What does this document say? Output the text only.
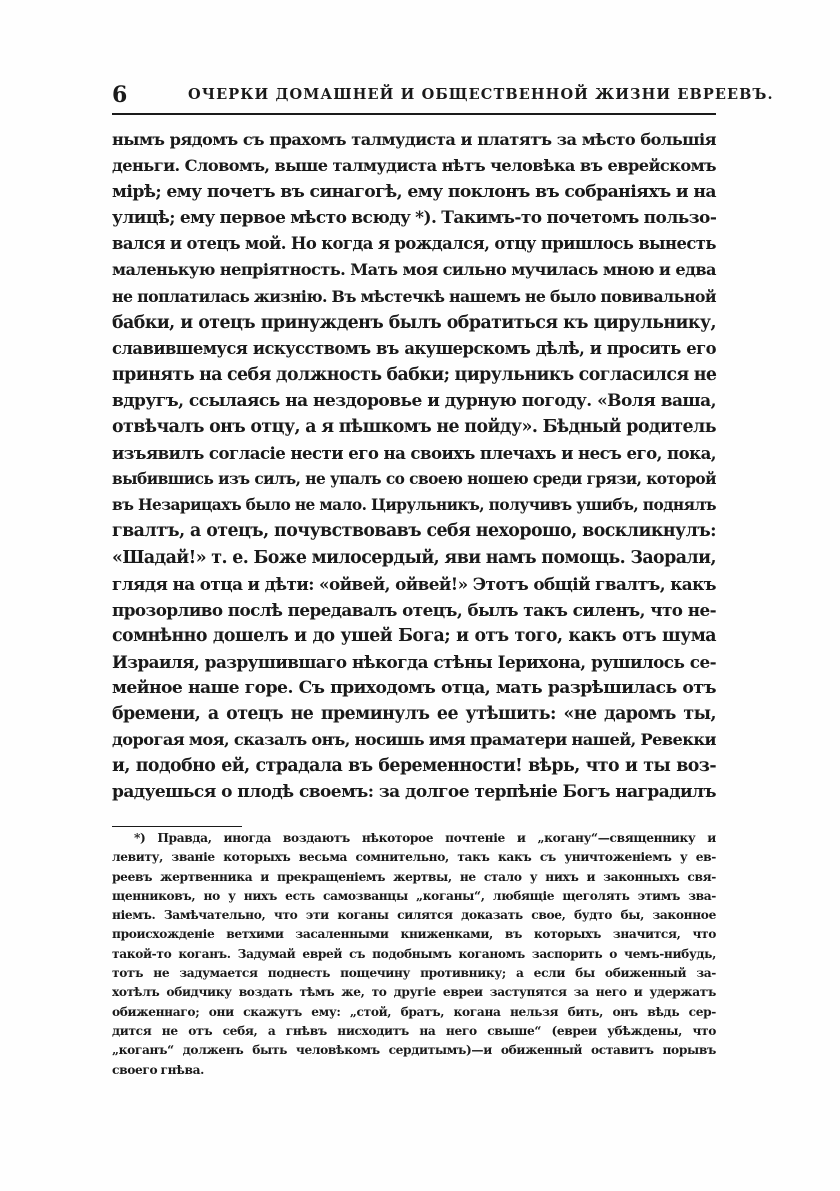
6	ОЧЕРКИ ДОМАШНЕЙ И ОБЩЕСТВЕННОЙ ЖИЗНИ ЕВРЕЕВЪ.
нымъ рядомъ съ прахомъ талмудиста и платятъ за мѣсто большія
деньги. Словомъ, выше талмудиста нѣтъ человѣка въ еврейскомъ
мірѣ; ему почетъ въ синагогѣ, ему поклонъ въ собраніяхъ и на
улицѣ; ему первое мѣсто всюду *). Такимъ-то почетомъ пользо-
вался и отецъ мой. Но когда я рождался, отцу пришлось вынесть
маленькую непріятность. Мать моя сильно мучилась мною и едва
не поплатилась жизнію. Въ мѣстечкѣ нашемъ не было повивальной
бабки, и отецъ принужденъ былъ обратиться къ цирульнику,
славившемуся искусствомъ въ акушерскомъ дѣлѣ, и просить его
принять на себя должность бабки; цирульникъ согласился не
вдругъ, ссылаясь на нездоровье и дурную погоду. «Воля ваша,
отвѣчалъ онъ отцу, а я пѣшкомъ не пойду». Бѣдный родитель
изъявилъ согласіе нести его на своихъ плечахъ и несъ его, пока,
выбившись изъ силъ, не упалъ со своею ношею среди грязи, которой
въ Незарицахъ было не мало. Цирульникъ, получивъ ушибъ, поднялъ
гвалтъ, а отецъ, почувствовавъ себя нехорошо, воскликнулъ:
«Шадай!» т. е. Боже милосердый, яви намъ помощь. Заорали,
глядя на отца и дѣти: «ойвей, ойвей!» Этотъ общій гвалтъ, какъ
прозорливо послѣ передавалъ отецъ, былъ такъ силенъ, что не-
сомнѣнно дошелъ и до ушей Бога; и отъ того, какъ отъ шума
Израиля, разрушившаго нѣкогда стѣны Іерихона, рушилось се-
мейное наше горе. Съ приходомъ отца, мать разрѣшилась отъ
бремени, а отецъ не преминулъ ее утѣшить: «не даромъ ты,
дорогая моя, сказалъ онъ, носишь имя праматери нашей, Ревекки
и, подобно ей, страдала въ беременности! вѣрь, что и ты воз-
радуешься о плодѣ своемъ: за долгое терпѣніе Богъ наградилъ
*) Правда, иногда воздаютъ нѣкоторое почтеніе и „когану“—священнику и
левиту, званіе которыхъ весьма сомнительно, такъ какъ съ уничтоженіемъ у ев-
реевъ жертвенника и прекращеніемъ жертвы, не стало у нихъ и законныхъ свя-
щенниковъ, но у нихъ есть самозванцы „коганы“, любящіе щеголять этимъ зва-
ніемъ. Замѣчательно, что эти коганы силятся доказать свое, будто бы, законное
происхожденіе ветхими засаленными книженками, въ которыхъ значится, что
такой-то коганъ. Задумай еврей съ подобнымъ коганомъ заспорить о чемъ-нибудь,
тотъ не задумается поднесть пощечину противнику; а если бы обиженный за-
хотѣлъ обидчику воздать тѣмъ же, то другіе евреи заступятся за него и удержатъ
обиженнаго; они скажутъ ему: „стой, братъ, когана нельзя бить, онъ вѣдь сер-
дится не отъ себя, а гнѣвъ нисходитъ на него свыше“ (евреи убѣждены, что
„коганъ“ долженъ быть человѣкомъ сердитымъ)—и обиженный оставитъ порывъ
своего гнѣва.
